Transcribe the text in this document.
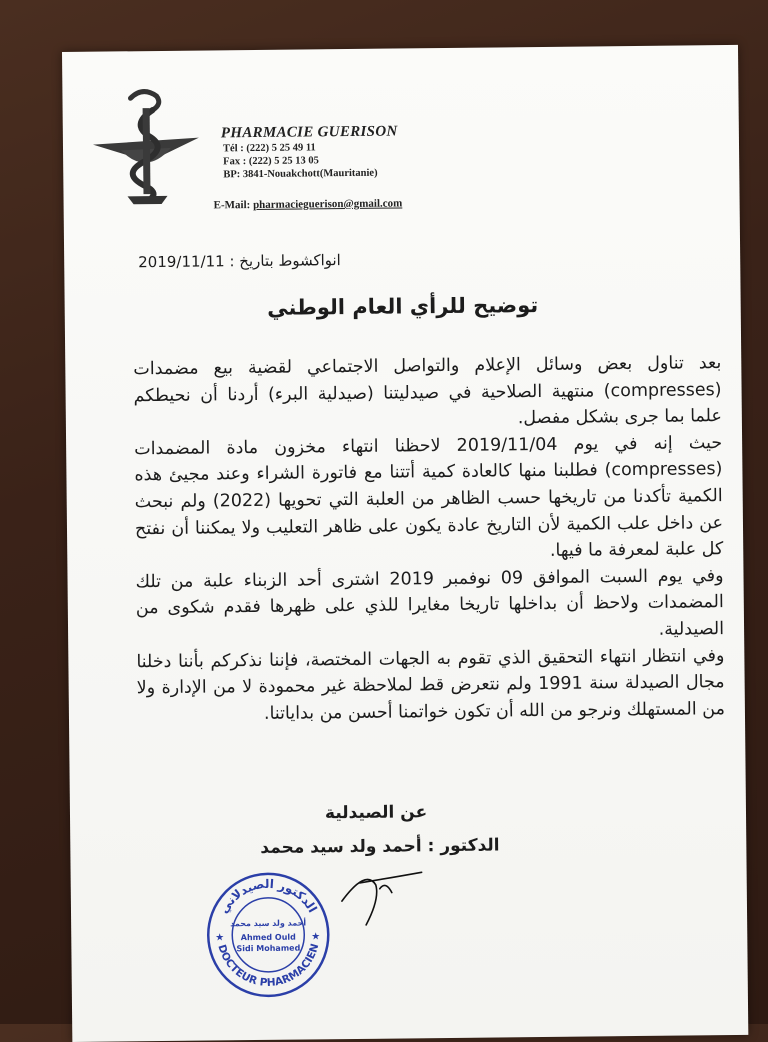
PHARMACIE GUERISON
Tél : (222) 5 25 49 11
Fax : (222) 5 25 13 05
BP: 3841-Nouakchott(Mauritanie)
E-Mail: pharmacieguerison@gmail.com
انواكشوط بتاريخ : 2019/11/11
توضيح للرأي العام الوطني

بعد تناول بعض وسائل الإعلام والتواصل الاجتماعي لقضية بيع مضمدات (compresses) منتهية الصلاحية في صيدليتنا (صيدلية البرء) أردنا أن نحيطكم علما بما جرى بشكل مفصل.

حيث إنه في يوم 2019/11/04 لاحظنا انتهاء مخزون مادة المضمدات (compresses) فطلبنا منها كالعادة كمية أتتنا مع فاتورة الشراء وعند مجيئ هذه الكمية تأكدنا من تاريخها حسب الظاهر من العلبة التي تحويها (2022) ولم نبحث عن داخل علب الكمية لأن التاريخ عادة يكون على ظاهر التعليب ولا يمكننا أن نفتح كل علبة لمعرفة ما فيها.

وفي يوم السبت الموافق 09 نوفمبر 2019 اشترى أحد الزبناء علبة من تلك المضمدات ولاحظ أن بداخلها تاريخا مغايرا للذي على ظهرها فقدم شكوى من الصيدلية.

وفي انتظار انتهاء التحقيق الذي تقوم به الجهات المختصة، فإننا نذكركم بأننا دخلنا مجال الصيدلة سنة 1991 ولم نتعرض قط لملاحظة غير محمودة لا من الإدارة ولا من المستهلك ونرجو من الله أن تكون خواتمنا أحسن من بداياتنا.

عن الصيدلية
الدكتور : أحمد ولد سيد محمد
الدكتور الصيدلاني
DOCTEUR PHARMACIEN
أحمد ولد سيد محمد
Ahmed Ould
Sidi Mohamed
★	★
